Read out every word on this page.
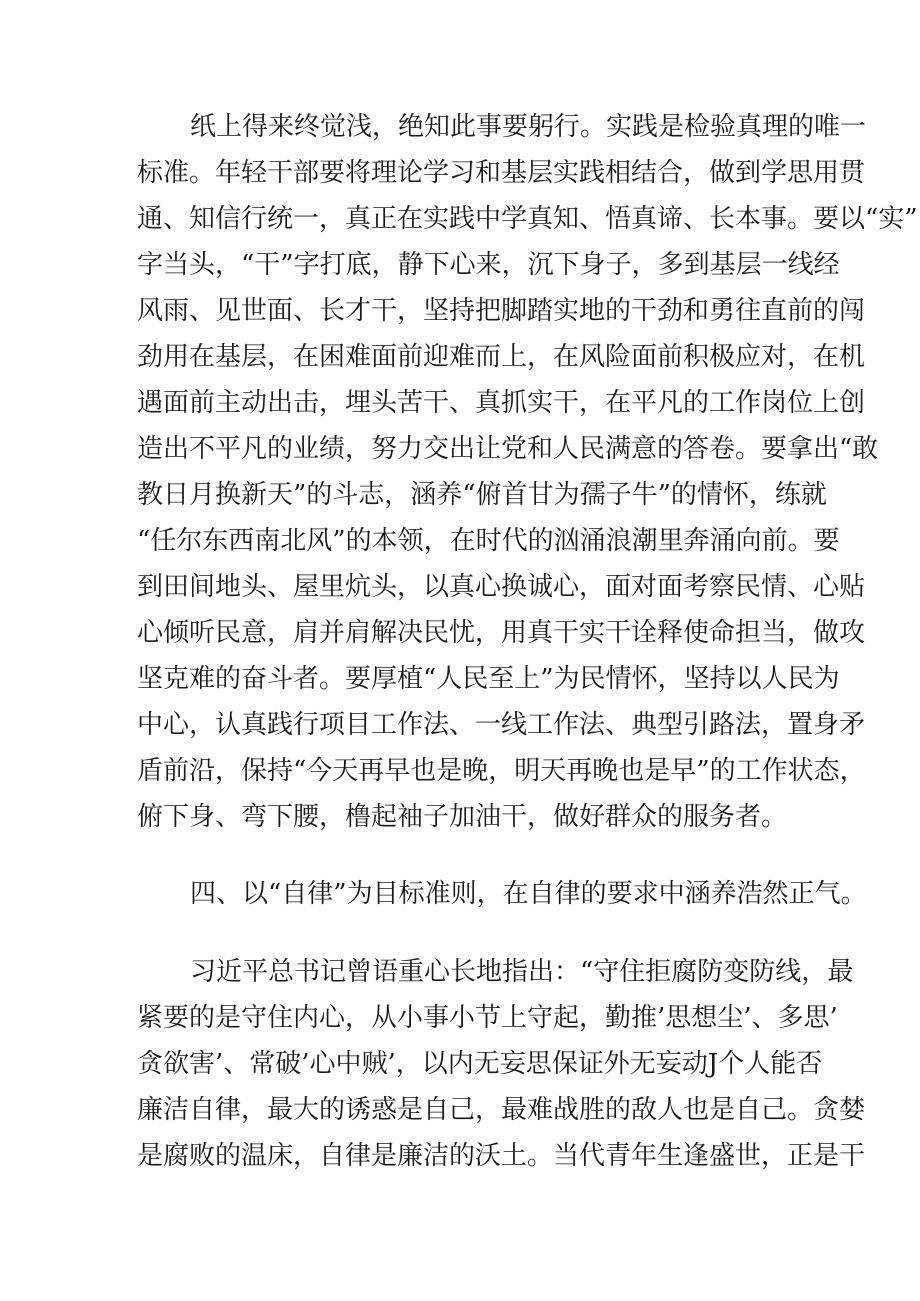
纸上得来终觉浅，绝知此事要躬行。实践是检验真理的唯一
标准。年轻干部要将理论学习和基层实践相结合，做到学思用贯
通、知信行统一，真正在实践中学真知、悟真谛、长本事。要以“实”
字当头，“干”字打底，静下心来，沉下身子，多到基层一线经
风雨、见世面、长才干，坚持把脚踏实地的干劲和勇往直前的闯
劲用在基层，在困难面前迎难而上，在风险面前积极应对，在机
遇面前主动出击，埋头苦干、真抓实干，在平凡的工作岗位上创
造出不平凡的业绩，努力交出让党和人民满意的答卷。要拿出“敢
教日月换新天”的斗志，涵养“俯首甘为孺子牛”的情怀，练就
“任尔东西南北风”的本领，在时代的汹涌浪潮里奔涌向前。要
到田间地头、屋里炕头，以真心换诚心，面对面考察民情、心贴
心倾听民意，肩并肩解决民忧，用真干实干诠释使命担当，做攻
坚克难的奋斗者。要厚植“人民至上”为民情怀，坚持以人民为
中心，认真践行项目工作法、一线工作法、典型引路法，置身矛
盾前沿，保持“今天再早也是晚，明天再晚也是早”的工作状态，
俯下身、弯下腰，橹起袖子加油干，做好群众的服务者。
四、以“自律”为目标准则，在自律的要求中涵养浩然正气。
习近平总书记曾语重心长地指出：“守住拒腐防变防线，最
紧要的是守住内心，从小事小节上守起，勤推’思想尘’、多思’
贪欲害’、常破’心中贼’，以内无妄思保证外无妄动J个人能否
廉洁自律，最大的诱惑是自己，最难战胜的敌人也是自己。贪婪
是腐败的温床，自律是廉洁的沃土。当代青年生逢盛世，正是干
